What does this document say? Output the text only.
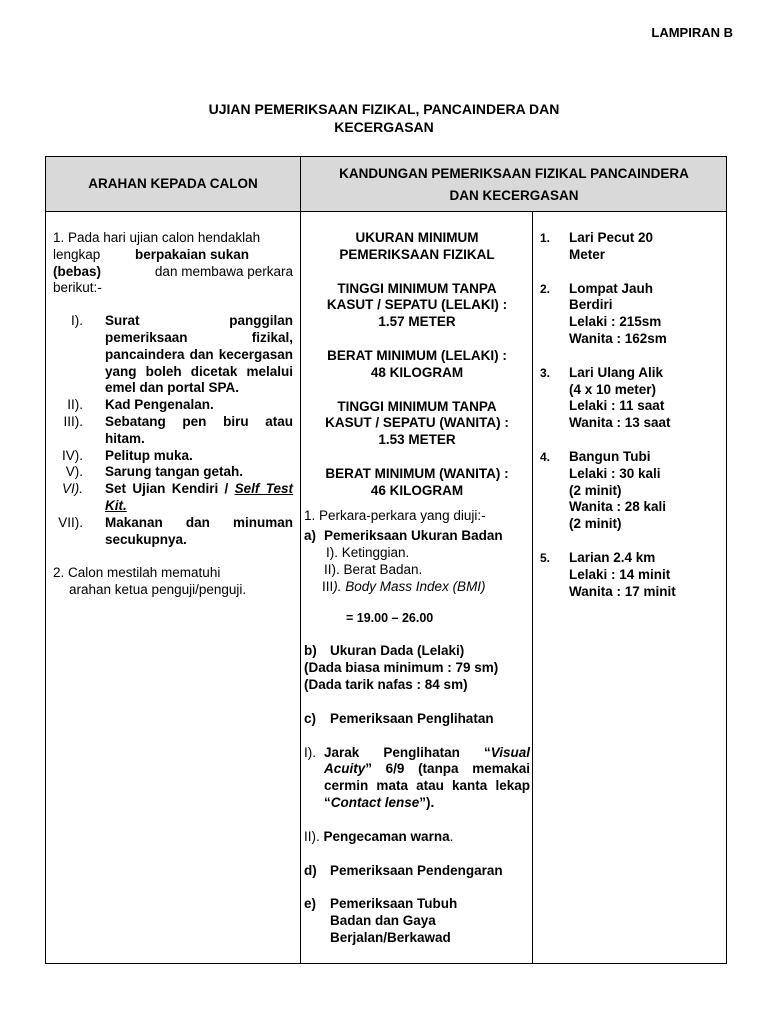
LAMPIRAN B
UJIAN PEMERIKSAAN FIZIKAL, PANCAINDERA DAN
KECERGASAN
ARAHAN KEPADA CALON
KANDUNGAN PEMERIKSAAN FIZIKAL PANCAINDERA
DAN KECERGASAN
1. Pada hari ujian calon hendaklah
lengkap	berpakaian sukan
(bebas)	dan membawa perkara
berikut:-
I). Surat panggilan pemeriksaan fizikal, pancaindera dan kecergasan yang boleh dicetak melalui emel dan portal SPA.
II). Kad Pengenalan.
III). Sebatang pen biru atau hitam.
IV). Pelitup muka.
V). Sarung tangan getah.
VI). Set Ujian Kendiri / Self Test Kit.
VII). Makanan dan minuman secukupnya.
2. Calon mestilah mematuhi
arahan ketua penguji/penguji.
UKURAN MINIMUM
PEMERIKSAAN FIZIKAL
TINGGI MINIMUM TANPA
KASUT / SEPATU (LELAKI) :
1.57 METER
BERAT MINIMUM (LELAKI) :
48 KILOGRAM
TINGGI MINIMUM TANPA
KASUT / SEPATU (WANITA) :
1.53 METER
BERAT MINIMUM (WANITA) :
46 KILOGRAM
1. Perkara-perkara yang diuji:-
a) Pemeriksaan Ukuran Badan
I). Ketinggian.
II). Berat Badan.
III). Body Mass Index (BMI)
= 19.00 – 26.00
b) Ukuran Dada (Lelaki)
(Dada biasa minimum : 79 sm)
(Dada tarik nafas : 84 sm)
c) Pemeriksaan Penglihatan
I). Jarak Penglihatan “Visual Acuity” 6/9 (tanpa memakai cermin mata atau kanta lekap “Contact lense”).
II). Pengecaman warna.
d) Pemeriksaan Pendengaran
e) Pemeriksaan Tubuh Badan dan Gaya Berjalan/Berkawad
1. Lari Pecut 20
Meter
2. Lompat Jauh
Berdiri
Lelaki : 215sm
Wanita : 162sm
3. Lari Ulang Alik
(4 x 10 meter)
Lelaki : 11 saat
Wanita : 13 saat
4. Bangun Tubi
Lelaki : 30 kali
(2 minit)
Wanita : 28 kali
(2 minit)
5. Larian 2.4 km
Lelaki : 14 minit
Wanita : 17 minit
